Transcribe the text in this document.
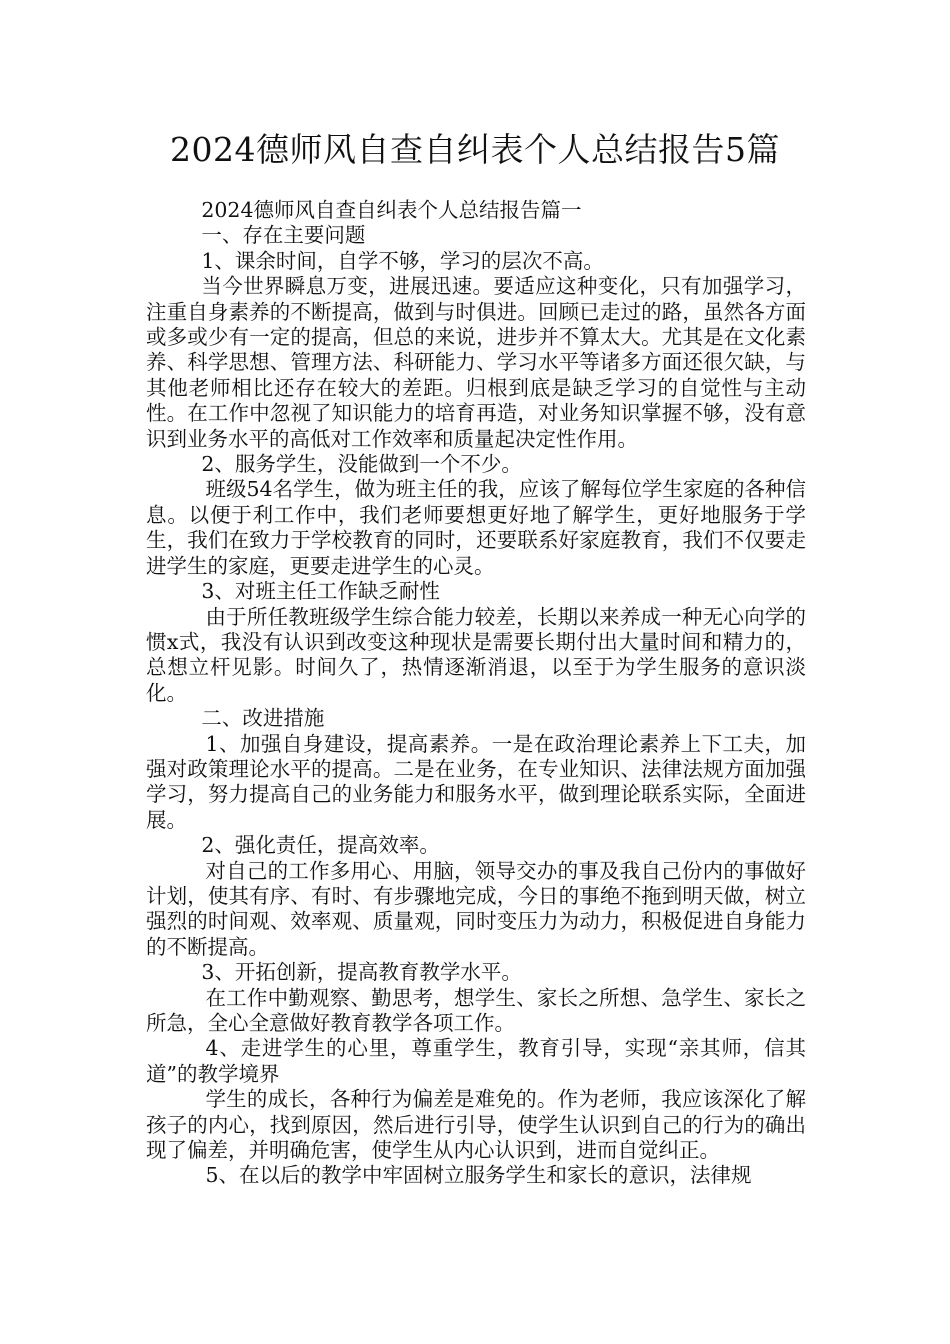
2024德师风自查自纠表个人总结报告5篇

2024德师风自查自纠表个人总结报告篇一

一、存在主要问题

1、课余时间，自学不够，学习的层次不高。

当今世界瞬息万变，进展迅速。要适应这种变化，只有加强学习，注重自身素养的不断提高，做到与时俱进。回顾已走过的路，虽然各方面或多或少有一定的提高，但总的来说，进步并不算太大。尤其是在文化素养、科学思想、管理方法、科研能力、学习水平等诸多方面还很欠缺，与其他老师相比还存在较大的差距。归根到底是缺乏学习的自觉性与主动性。在工作中忽视了知识能力的培育再造，对业务知识掌握不够，没有意识到业务水平的高低对工作效率和质量起决定性作用。

2、服务学生，没能做到一个不少。

班级54名学生，做为班主任的我，应该了解每位学生家庭的各种信息。以便于利工作中，我们老师要想更好地了解学生，更好地服务于学生，我们在致力于学校教育的同时，还要联系好家庭教育，我们不仅要走进学生的家庭，更要走进学生的心灵。

3、对班主任工作缺乏耐性

由于所任教班级学生综合能力较差，长期以来养成一种无心向学的惯x式，我没有认识到改变这种现状是需要长期付出大量时间和精力的，总想立杆见影。时间久了，热情逐渐消退，以至于为学生服务的意识淡化。

二、改进措施

1、加强自身建设，提高素养。一是在政治理论素养上下工夫，加强对政策理论水平的提高。二是在业务，在专业知识、法律法规方面加强学习，努力提高自己的业务能力和服务水平，做到理论联系实际，全面进展。

2、强化责任，提高效率。

对自己的工作多用心、用脑，领导交办的事及我自己份内的事做好计划，使其有序、有时、有步骤地完成，今日的事绝不拖到明天做，树立强烈的时间观、效率观、质量观，同时变压力为动力，积极促进自身能力的不断提高。

3、开拓创新，提高教育教学水平。

在工作中勤观察、勤思考，想学生、家长之所想、急学生、家长之所急，全心全意做好教育教学各项工作。

4、走进学生的心里，尊重学生，教育引导，实现“亲其师，信其道”的教学境界

学生的成长，各种行为偏差是难免的。作为老师，我应该深化了解孩子的内心，找到原因，然后进行引导，使学生认识到自己的行为的确出现了偏差，并明确危害，使学生从内心认识到，进而自觉纠正。

5、在以后的教学中牢固树立服务学生和家长的意识，法律规
